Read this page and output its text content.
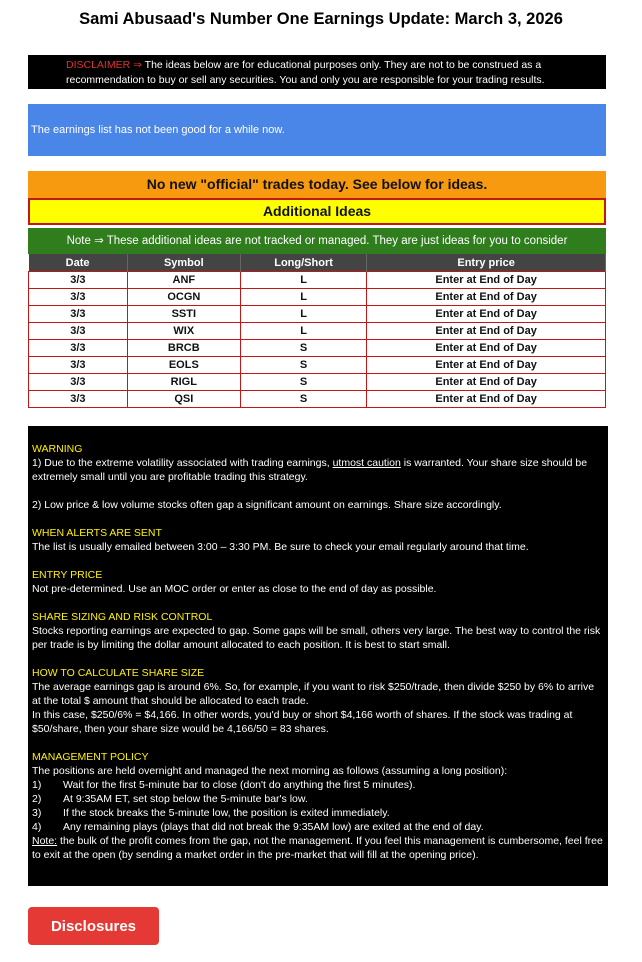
Sami Abusaad's Number One Earnings Update: March 3, 2026
DISCLAIMER ⇒ The ideas below are for educational purposes only. They are not to be construed as a recommendation to buy or sell any securities. You and only you are responsible for your trading results.
The earnings list has not been good for a while now.
No new "official" trades today. See below for ideas.
Additional Ideas
Note ⇒ These additional ideas are not tracked or managed. They are just ideas for you to consider
Date	Symbol	Long/Short	Entry price
3/3	ANF	L	Enter at End of Day
3/3	OCGN	L	Enter at End of Day
3/3	SSTI	L	Enter at End of Day
3/3	WIX	L	Enter at End of Day
3/3	BRCB	S	Enter at End of Day
3/3	EOLS	S	Enter at End of Day
3/3	RIGL	S	Enter at End of Day
3/3	QSI	S	Enter at End of Day

WARNING

1) Due to the extreme volatility associated with trading earnings, utmost caution is warranted. Your share size should be extremely small until you are profitable trading this strategy.

2) Low price & low volume stocks often gap a significant amount on earnings. Share size accordingly.

WHEN ALERTS ARE SENT

The list is usually emailed between 3:00 – 3:30 PM. Be sure to check your email regularly around that time.

ENTRY PRICE

Not pre-determined. Use an MOC order or enter as close to the end of day as possible.

SHARE SIZING AND RISK CONTROL

Stocks reporting earnings are expected to gap. Some gaps will be small, others very large. The best way to control the risk per trade is by limiting the dollar amount allocated to each position. It is best to start small.

HOW TO CALCULATE SHARE SIZE

The average earnings gap is around 6%. So, for example, if you want to risk $250/trade, then divide $250 by 6% to arrive at the total $ amount that should be allocated to each trade.

In this case, $250/6% = $4,166. In other words, you'd buy or short $4,166 worth of shares. If the stock was trading at $50/share, then your share size would be 4,166/50 = 83 shares.

MANAGEMENT POLICY

The positions are held overnight and managed the next morning as follows (assuming a long position):

1)	Wait for the first 5-minute bar to close (don't do anything the first 5 minutes).
2)	At 9:35AM ET, set stop below the 5-minute bar's low.
3)	If the stock breaks the 5-minute low, the position is exited immediately.
4)	Any remaining plays (plays that did not break the 9:35AM low) are exited at the end of day.

Note: the bulk of the profit comes from the gap, not the management. If you feel this management is cumbersome, feel free to exit at the open (by sending a market order in the pre-market that will fill at the opening price).

Disclosures
